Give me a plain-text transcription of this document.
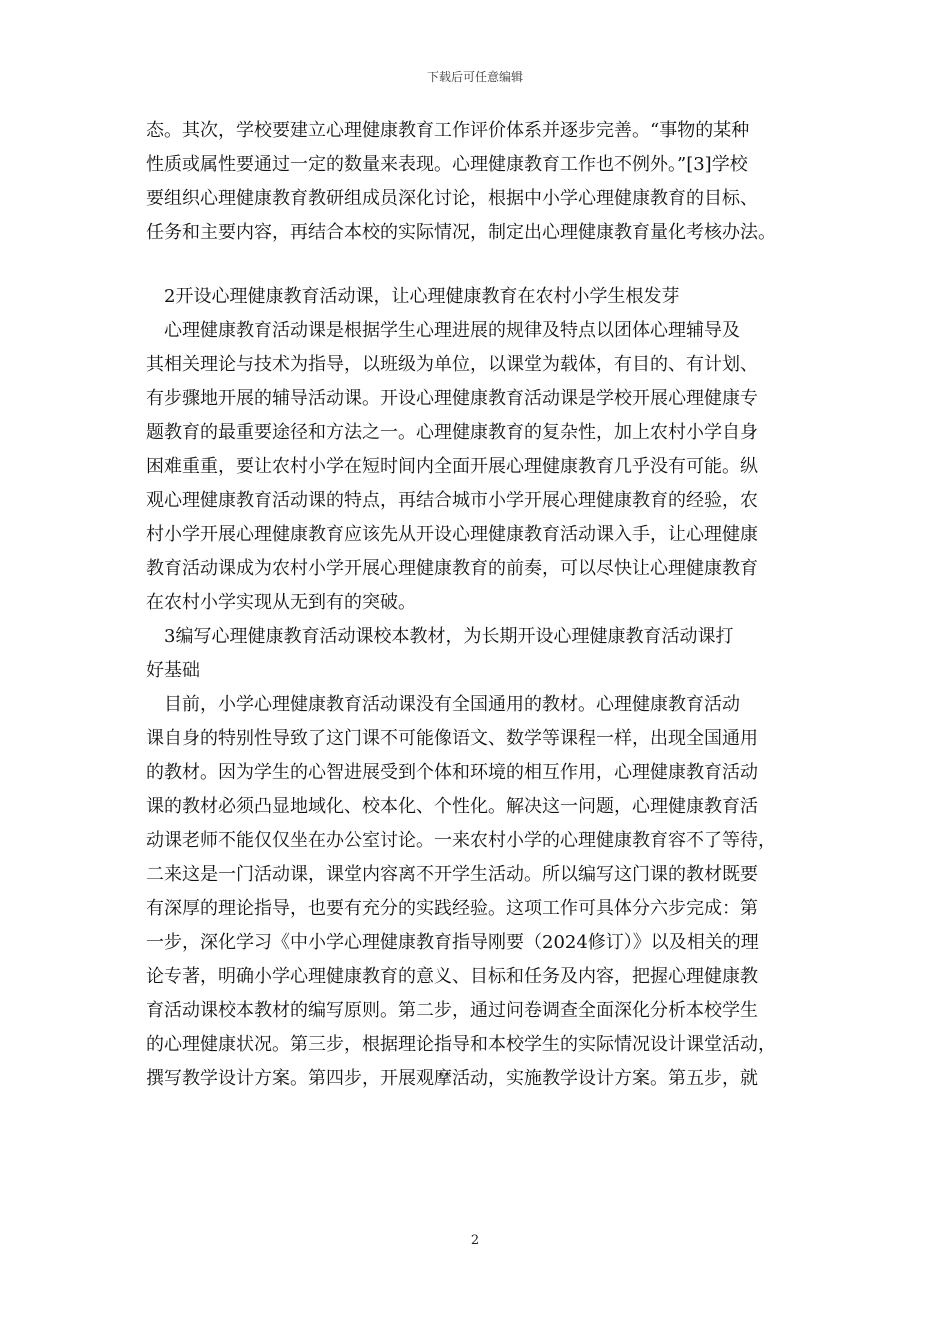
下载后可任意编辑
态。其次，学校要建立心理健康教育工作评价体系并逐步完善。“事物的某种
性质或属性要通过一定的数量来表现。心理健康教育工作也不例外。”[3]学校
要组织心理健康教育教研组成员深化讨论，根据中小学心理健康教育的目标、
任务和主要内容，再结合本校的实际情况，制定出心理健康教育量化考核办法。
　2开设心理健康教育活动课，让心理健康教育在农村小学生根发芽
　心理健康教育活动课是根据学生心理进展的规律及特点以团体心理辅导及
其相关理论与技术为指导，以班级为单位，以课堂为载体，有目的、有计划、
有步骤地开展的辅导活动课。开设心理健康教育活动课是学校开展心理健康专
题教育的最重要途径和方法之一。心理健康教育的复杂性，加上农村小学自身
困难重重，要让农村小学在短时间内全面开展心理健康教育几乎没有可能。纵
观心理健康教育活动课的特点，再结合城市小学开展心理健康教育的经验，农
村小学开展心理健康教育应该先从开设心理健康教育活动课入手，让心理健康
教育活动课成为农村小学开展心理健康教育的前奏，可以尽快让心理健康教育
在农村小学实现从无到有的突破。
　3编写心理健康教育活动课校本教材，为长期开设心理健康教育活动课打
好基础
　目前，小学心理健康教育活动课没有全国通用的教材。心理健康教育活动
课自身的特别性导致了这门课不可能像语文、数学等课程一样，出现全国通用
的教材。因为学生的心智进展受到个体和环境的相互作用，心理健康教育活动
课的教材必须凸显地域化、校本化、个性化。解决这一问题，心理健康教育活
动课老师不能仅仅坐在办公室讨论。一来农村小学的心理健康教育容不了等待，
二来这是一门活动课，课堂内容离不开学生活动。所以编写这门课的教材既要
有深厚的理论指导，也要有充分的实践经验。这项工作可具体分六步完成：第
一步，深化学习《中小学心理健康教育指导刚要（2024修订）》以及相关的理
论专著，明确小学心理健康教育的意义、目标和任务及内容，把握心理健康教
育活动课校本教材的编写原则。第二步，通过问卷调查全面深化分析本校学生
的心理健康状况。第三步，根据理论指导和本校学生的实际情况设计课堂活动，
撰写教学设计方案。第四步，开展观摩活动，实施教学设计方案。第五步，就
2
